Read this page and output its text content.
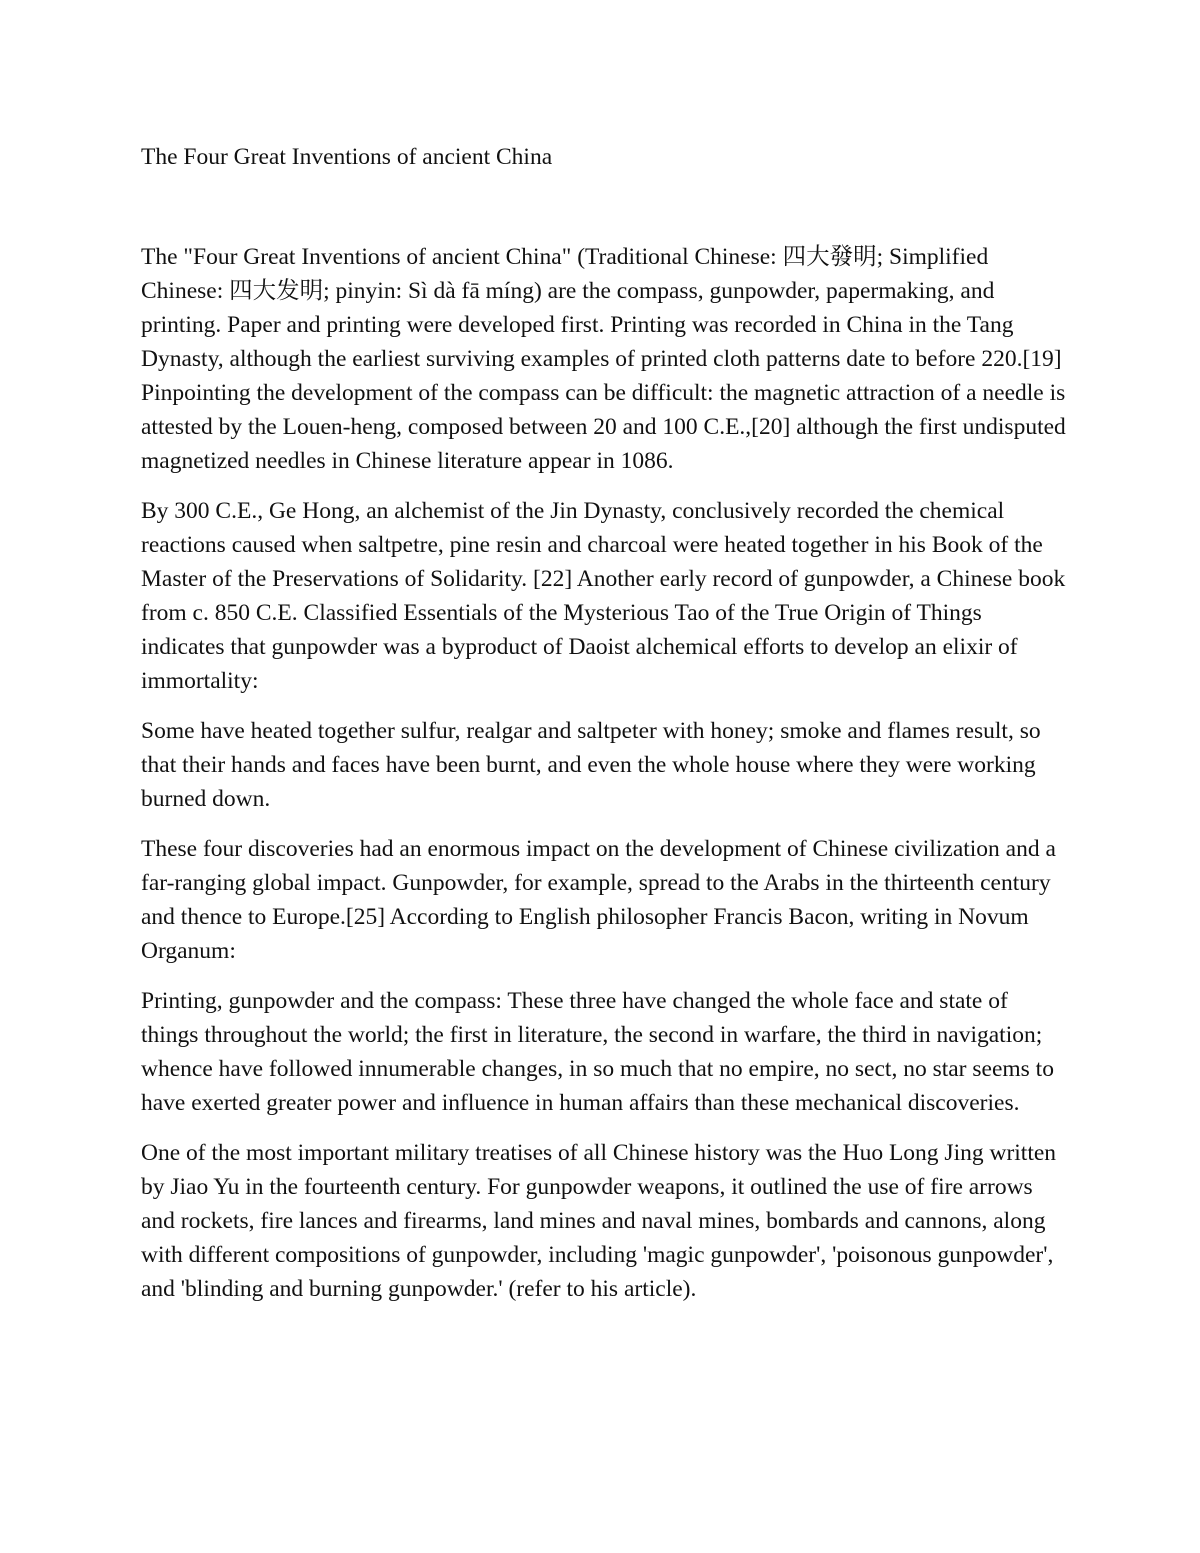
The Four Great Inventions of ancient China

The "Four Great Inventions of ancient China" (Traditional Chinese: 四大發明; Simplified Chinese: 四大发明; pinyin: Sì dà fā míng) are the compass, gunpowder, papermaking, and printing. Paper and printing were developed first. Printing was recorded in China in the Tang Dynasty, although the earliest surviving examples of printed cloth patterns date to before 220.[19] Pinpointing the development of the compass can be difficult: the magnetic attraction of a needle is attested by the Louen-heng, composed between 20 and 100 C.E.,[20] although the first undisputed magnetized needles in Chinese literature appear in 1086.

By 300 C.E., Ge Hong, an alchemist of the Jin Dynasty, conclusively recorded the chemical reactions caused when saltpetre, pine resin and charcoal were heated together in his Book of the Master of the Preservations of Solidarity. [22] Another early record of gunpowder, a Chinese book from c. 850 C.E. Classified Essentials of the Mysterious Tao of the True Origin of Things indicates that gunpowder was a byproduct of Daoist alchemical efforts to develop an elixir of immortality:

Some have heated together sulfur, realgar and saltpeter with honey; smoke and flames result, so that their hands and faces have been burnt, and even the whole house where they were working burned down.

These four discoveries had an enormous impact on the development of Chinese civilization and a far-ranging global impact. Gunpowder, for example, spread to the Arabs in the thirteenth century and thence to Europe.[25] According to English philosopher Francis Bacon, writing in Novum Organum:

Printing, gunpowder and the compass: These three have changed the whole face and state of things throughout the world; the first in literature, the second in warfare, the third in navigation; whence have followed innumerable changes, in so much that no empire, no sect, no star seems to have exerted greater power and influence in human affairs than these mechanical discoveries.

One of the most important military treatises of all Chinese history was the Huo Long Jing written by Jiao Yu in the fourteenth century. For gunpowder weapons, it outlined the use of fire arrows and rockets, fire lances and firearms, land mines and naval mines, bombards and cannons, along with different compositions of gunpowder, including 'magic gunpowder', 'poisonous gunpowder', and 'blinding and burning gunpowder.' (refer to his article).
